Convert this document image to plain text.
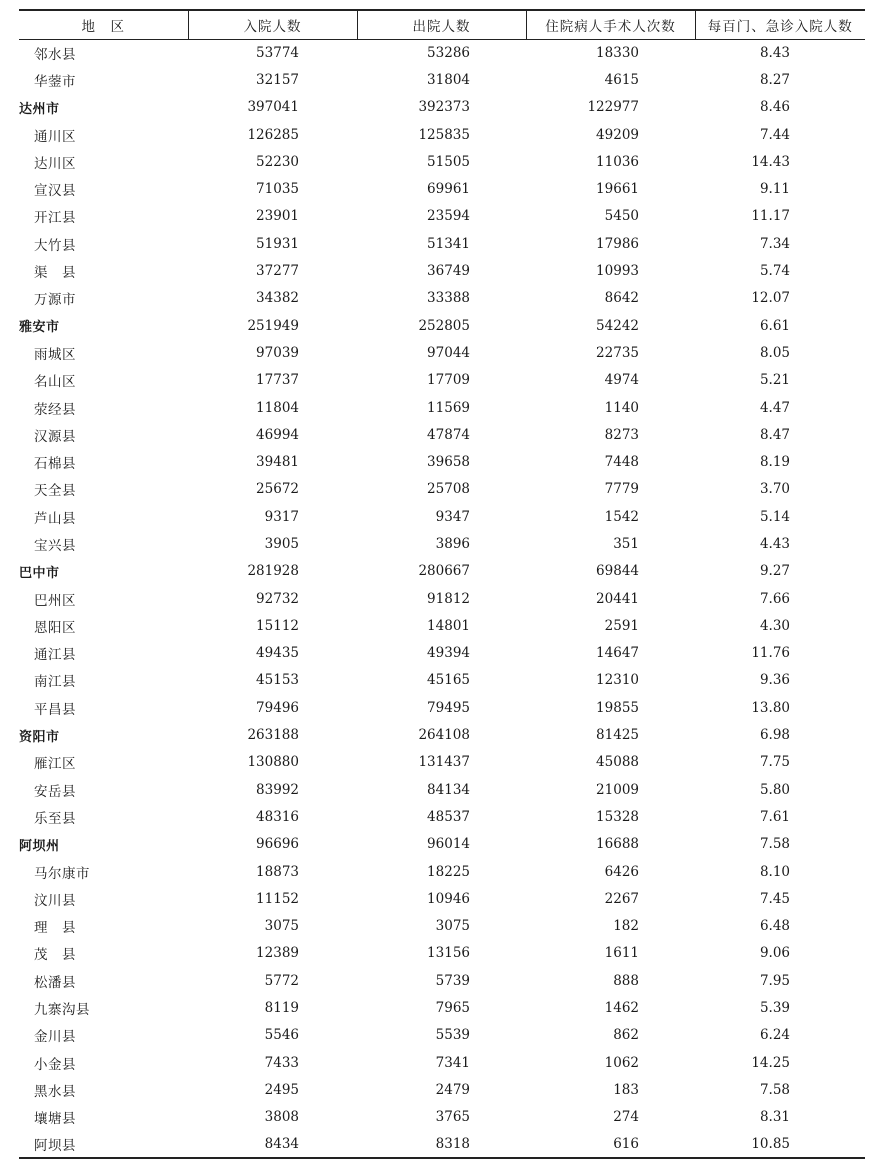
地　区	入院人数	出院人数	住院病人手术人次数	每百门、急诊入院人数
邻水县	53774	53286	18330	8.43
华蓥市	32157	31804	4615	8.27
达州市	397041	392373	122977	8.46
通川区	126285	125835	49209	7.44
达川区	52230	51505	11036	14.43
宣汉县	71035	69961	19661	9.11
开江县	23901	23594	5450	11.17
大竹县	51931	51341	17986	7.34
渠　县	37277	36749	10993	5.74
万源市	34382	33388	8642	12.07
雅安市	251949	252805	54242	6.61
雨城区	97039	97044	22735	8.05
名山区	17737	17709	4974	5.21
荥经县	11804	11569	1140	4.47
汉源县	46994	47874	8273	8.47
石棉县	39481	39658	7448	8.19
天全县	25672	25708	7779	3.70
芦山县	9317	9347	1542	5.14
宝兴县	3905	3896	351	4.43
巴中市	281928	280667	69844	9.27
巴州区	92732	91812	20441	7.66
恩阳区	15112	14801	2591	4.30
通江县	49435	49394	14647	11.76
南江县	45153	45165	12310	9.36
平昌县	79496	79495	19855	13.80
资阳市	263188	264108	81425	6.98
雁江区	130880	131437	45088	7.75
安岳县	83992	84134	21009	5.80
乐至县	48316	48537	15328	7.61
阿坝州	96696	96014	16688	7.58
马尔康市	18873	18225	6426	8.10
汶川县	11152	10946	2267	7.45
理　县	3075	3075	182	6.48
茂　县	12389	13156	1611	9.06
松潘县	5772	5739	888	7.95
九寨沟县	8119	7965	1462	5.39
金川县	5546	5539	862	6.24
小金县	7433	7341	1062	14.25
黑水县	2495	2479	183	7.58
壤塘县	3808	3765	274	8.31
阿坝县	8434	8318	616	10.85
